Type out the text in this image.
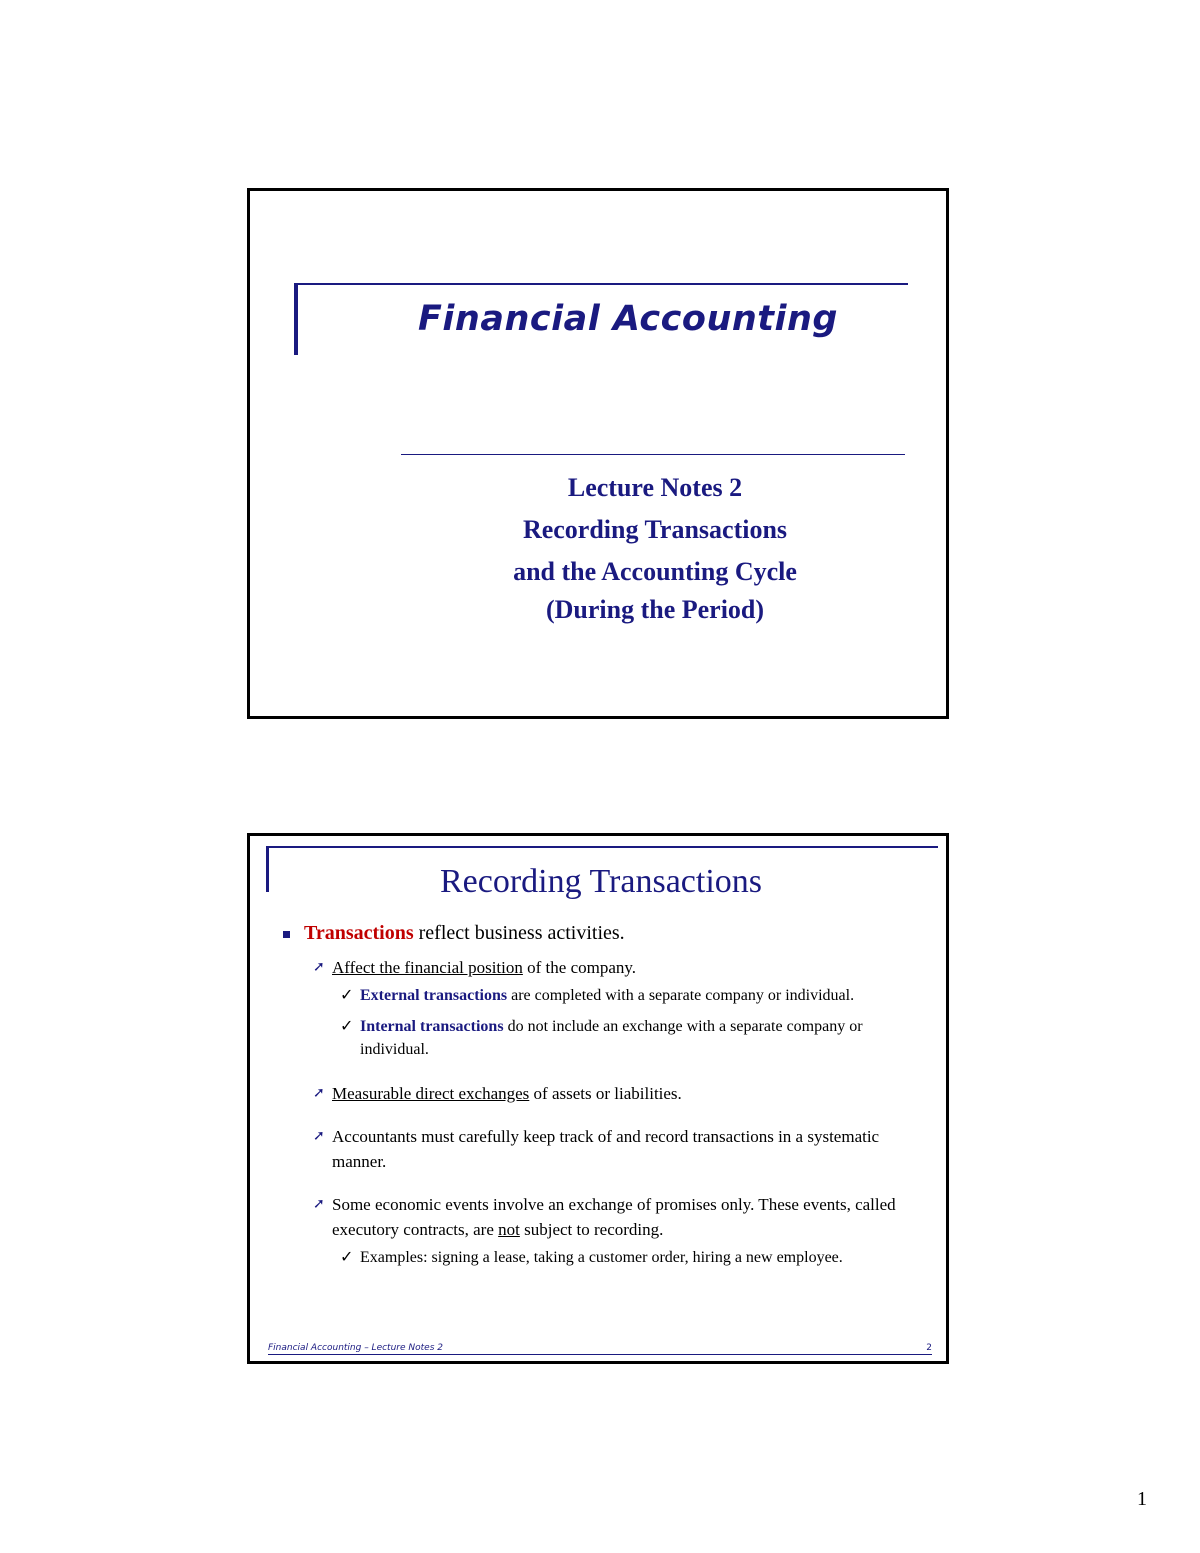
Financial Accounting
Lecture Notes 2
Recording Transactions
and the Accounting Cycle
(During the Period)
Recording Transactions
Transactions reflect business activities.
➚ Affect the financial position of the company.
✓ External transactions are completed with a separate company or individual.
✓ Internal transactions do not include an exchange with a separate company or individual.
➚ Measurable direct exchanges of assets or liabilities.
➚ Accountants must carefully keep track of and record transactions in a systematic manner.
➚ Some economic events involve an exchange of promises only. These events, called executory contracts, are not subject to recording.
✓ Examples: signing a lease, taking a customer order, hiring a new employee.
Financial Accounting – Lecture Notes 2	2
1
